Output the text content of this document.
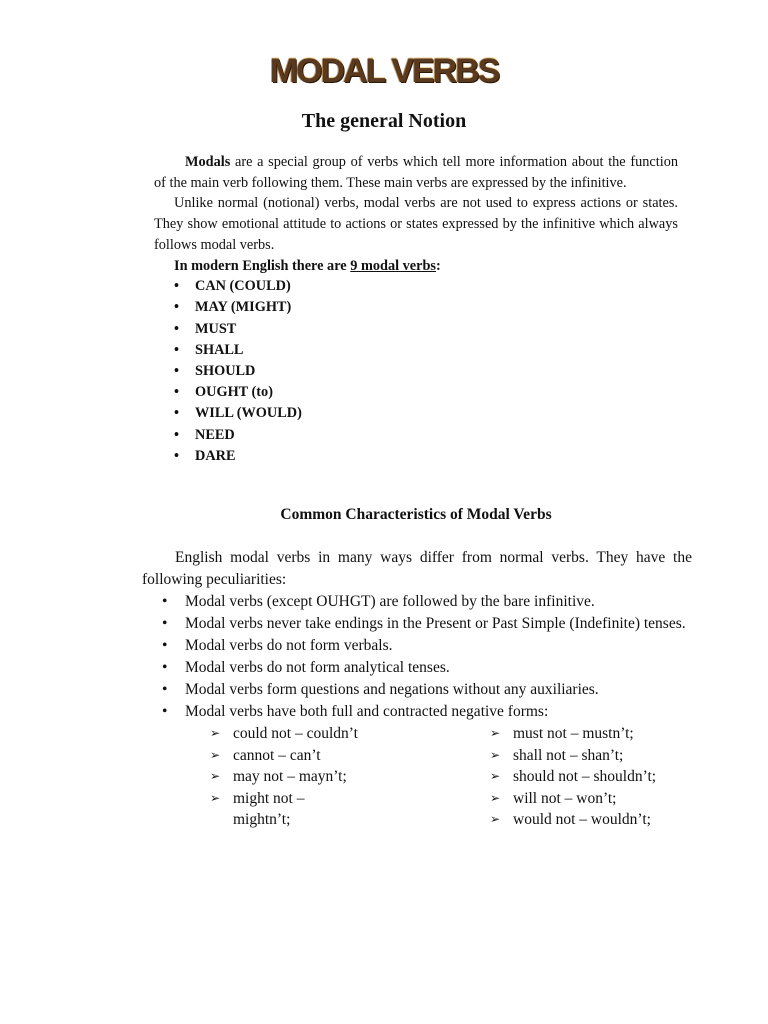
MODAL VERBS
The general Notion

Modals are a special group of verbs which tell more information about the function of the main verb following them. These main verbs are expressed by the infinitive.

Unlike normal (notional) verbs, modal verbs are not used to express actions or states. They show emotional attitude to actions or states expressed by the infinitive which always follows modal verbs.

In modern English there are 9 modal verbs:

• CAN (COULD)
• MAY (MIGHT)
• MUST
• SHALL
• SHOULD
• OUGHT (to)
• WILL (WOULD)
• NEED
• DARE
Common Characteristics of Modal Verbs

English modal verbs in many ways differ from normal verbs. They have the following peculiarities:

• Modal verbs (except OUHGT) are followed by the bare infinitive.
• Modal verbs never take endings in the Present or Past Simple (Indefinite) tenses.
• Modal verbs do not form verbals.
• Modal verbs do not form analytical tenses.
• Modal verbs form questions and negations without any auxiliaries.
• Modal verbs have both full and contracted negative forms:
➢ could not – couldn’t
➢ cannot – can’t
➢ may not – mayn’t;
➢ might not – mightn’t;
➢ must not – mustn’t;
➢ shall not – shan’t;
➢ should not – shouldn’t;
➢ will not – won’t;
➢ would not – wouldn’t;
